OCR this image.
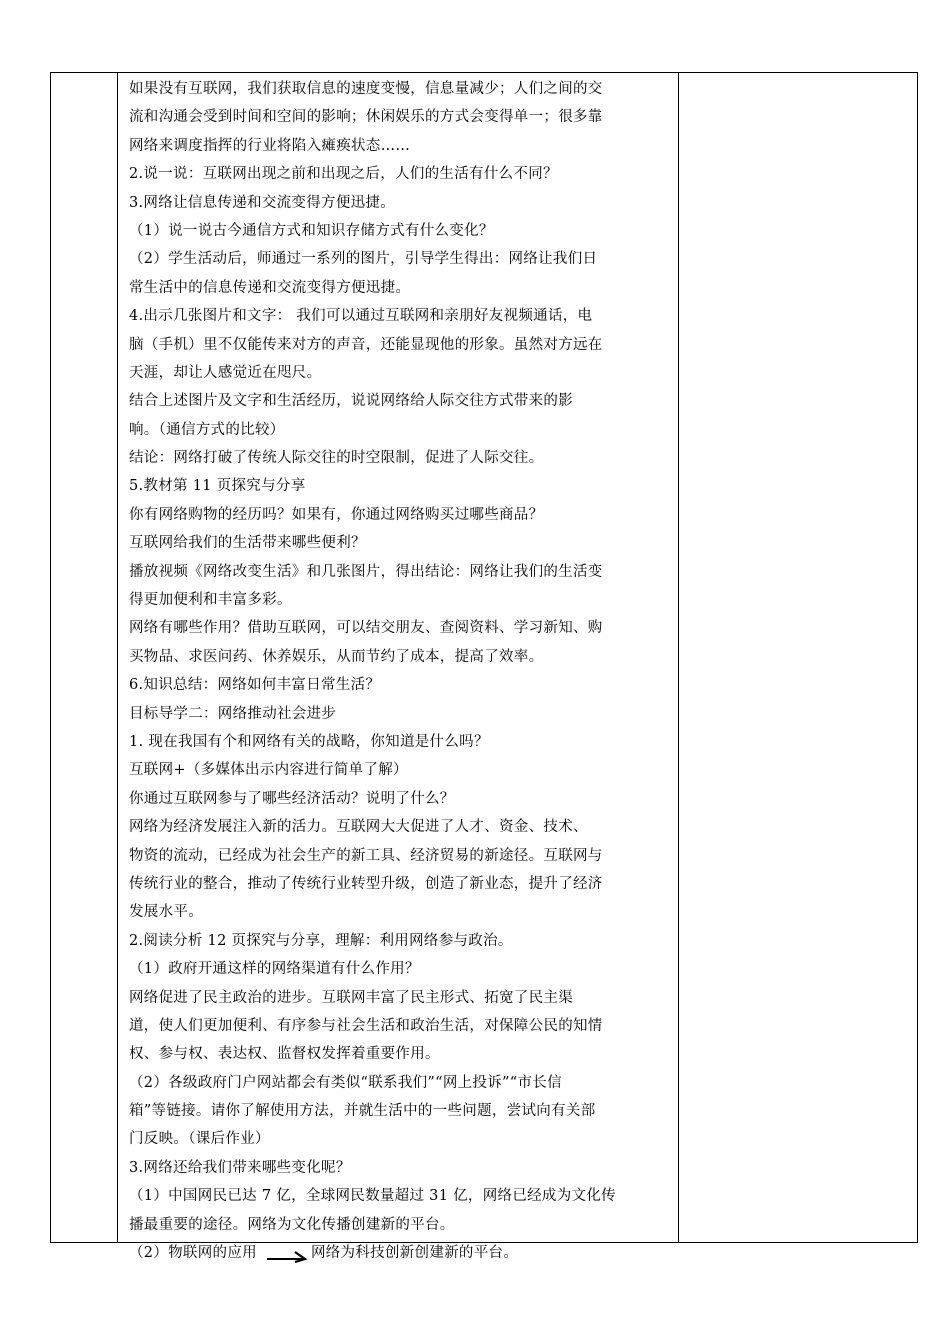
如果没有互联网，我们获取信息的速度变慢，信息量减少；人们之间的交
流和沟通会受到时间和空间的影响；休闲娱乐的方式会变得单一；很多靠
网络来调度指挥的行业将陷入瘫痪状态……
2.说一说：互联网出现之前和出现之后，人们的生活有什么不同？
3.网络让信息传递和交流变得方便迅捷。
（1）说一说古今通信方式和知识存储方式有什么变化？
（2）学生活动后，师通过一系列的图片，引导学生得出：网络让我们日
常生活中的信息传递和交流变得方便迅捷。
4.出示几张图片和文字： 我们可以通过互联网和亲朋好友视频通话，电
脑（手机）里不仅能传来对方的声音，还能显现他的形象。虽然对方远在
天涯，却让人感觉近在咫尺。
结合上述图片及文字和生活经历，说说网络给人际交往方式带来的影
响。（通信方式的比较）
结论：网络打破了传统人际交往的时空限制，促进了人际交往。
5.教材第 11 页探究与分享
你有网络购物的经历吗？如果有，你通过网络购买过哪些商品？
互联网给我们的生活带来哪些便利？
播放视频《网络改变生活》和几张图片，得出结论：网络让我们的生活变
得更加便利和丰富多彩。
网络有哪些作用？借助互联网，可以结交朋友、查阅资料、学习新知、购
买物品、求医问药、休养娱乐，从而节约了成本，提高了效率。
6.知识总结：网络如何丰富日常生活？
目标导学二：网络推动社会进步
1. 现在我国有个和网络有关的战略，你知道是什么吗？
互联网+（多媒体出示内容进行简单了解）
你通过互联网参与了哪些经济活动？说明了什么？
网络为经济发展注入新的活力。互联网大大促进了人才、资金、技术、
物资的流动，已经成为社会生产的新工具、经济贸易的新途径。互联网与
传统行业的整合，推动了传统行业转型升级，创造了新业态，提升了经济
发展水平。
2.阅读分析 12 页探究与分享，理解：利用网络参与政治。
（1）政府开通这样的网络渠道有什么作用？
网络促进了民主政治的进步。互联网丰富了民主形式、拓宽了民主渠
道，使人们更加便利、有序参与社会生活和政治生活，对保障公民的知情
权、参与权、表达权、监督权发挥着重要作用。
（2）各级政府门户网站都会有类似“联系我们”“网上投诉”“市长信
箱”等链接。请你了解使用方法，并就生活中的一些问题，尝试向有关部
门反映。（课后作业）
3.网络还给我们带来哪些变化呢？
（1）中国网民已达 7 亿，全球网民数量超过 31 亿，网络已经成为文化传
播最重要的途径。网络为文化传播创建新的平台。
（2）物联网的应用	网络为科技创新创建新的平台。
